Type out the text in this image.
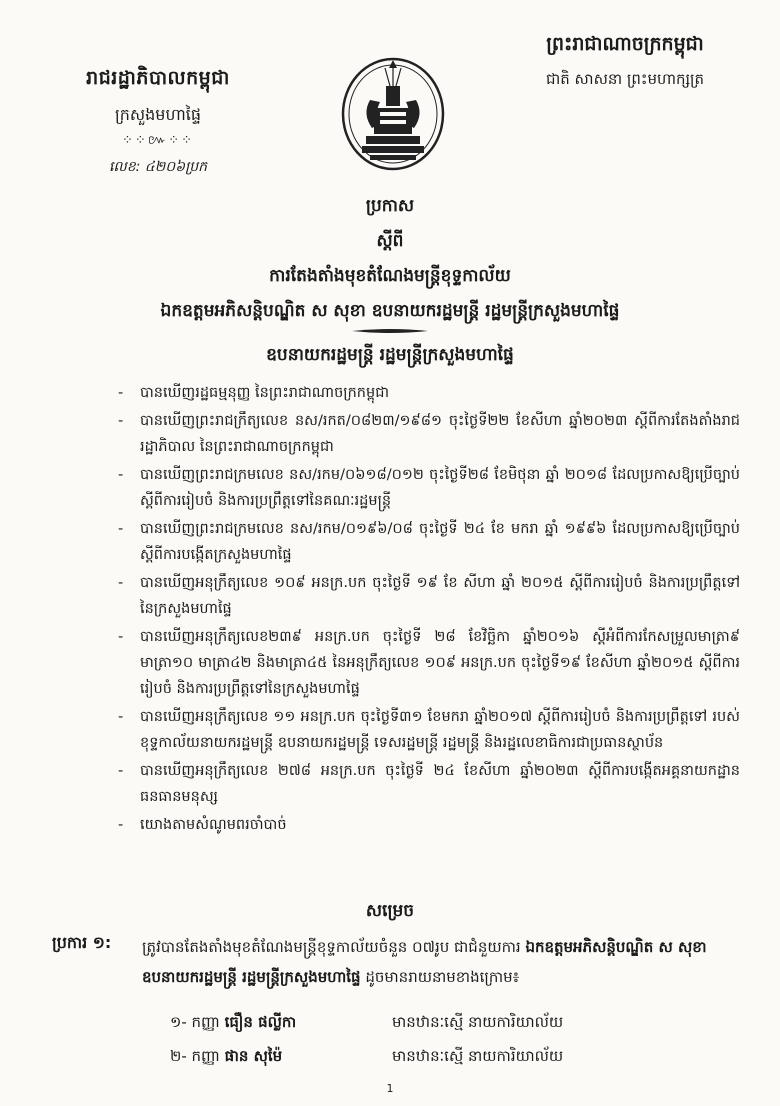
រាជរដ្ឋាភិបាលកម្ពុជា
ក្រសួងមហាផ្ទៃ
⁘⁘៚⁘⁘
លេខ: ៤២០៦ប្រក
ព្រះរាជាណាចក្រកម្ពុជា
ជាតិ សាសនា ព្រះមហាក្សត្រ
ប្រកាស
ស្តីពី
ការតែងតាំងមុខតំណែងមន្ត្រីខុទ្ទកាល័យ
ឯកឧត្តមអភិសន្តិបណ្ឌិត ស សុខា ឧបនាយករដ្ឋមន្ត្រី រដ្ឋមន្ត្រីក្រសួងមហាផ្ទៃ
ឧបនាយករដ្ឋមន្ត្រី រដ្ឋមន្ត្រីក្រសួងមហាផ្ទៃ
- បានឃើញរដ្ឋធម្មនុញ្ញ នៃព្រះរាជាណាចក្រកម្ពុជា
- បានឃើញព្រះរាជក្រឹត្យលេខ នស/រកត/០៨២៣/១៩៨១ ចុះថ្ងៃទី២២ ខែសីហា ឆ្នាំ២០២៣ ស្តីពីការតែងតាំងរាជរដ្ឋាភិបាល នៃព្រះរាជាណាចក្រកម្ពុជា
- បានឃើញព្រះរាជក្រមលេខ នស/រកម/០៦១៨/០១២ ចុះថ្ងៃទី២៨ ខែមិថុនា ឆ្នាំ ២០១៨ ដែលប្រកាសឱ្យប្រើច្បាប់ស្តីពីការរៀបចំ និងការប្រព្រឹត្តទៅនៃគណៈរដ្ឋមន្ត្រី
- បានឃើញព្រះរាជក្រមលេខ នស/រកម/០១៩៦/០៨ ចុះថ្ងៃទី ២៤ ខែ មករា ឆ្នាំ ១៩៩៦ ដែលប្រកាសឱ្យប្រើច្បាប់ស្តីពីការបង្កើតក្រសួងមហាផ្ទៃ
- បានឃើញអនុក្រឹត្យលេខ ១០៩ អនក្រ.បក ចុះថ្ងៃទី ១៩ ខែ សីហា ឆ្នាំ ២០១៥ ស្តីពីការរៀបចំ និងការប្រព្រឹត្តទៅនៃក្រសួងមហាផ្ទៃ
- បានឃើញអនុក្រឹត្យលេខ២៣៩ អនក្រ.បក ចុះថ្ងៃទី ២៨ ខែវិច្ឆិកា ឆ្នាំ២០១៦ ស្តីអំពីការកែសម្រួលមាត្រា៩ មាត្រា១០ មាត្រា៤២ និងមាត្រា៤៥ នៃអនុក្រឹត្យលេខ ១០៩ អនក្រ.បក ចុះថ្ងៃទី១៩ ខែសីហា ឆ្នាំ២០១៥ ស្តីពីការរៀបចំ និងការប្រព្រឹត្តទៅនៃក្រសួងមហាផ្ទៃ
- បានឃើញអនុក្រឹត្យលេខ ១១ អនក្រ.បក ចុះថ្ងៃទី៣១ ខែមករា ឆ្នាំ២០១៧ ស្តីពីការរៀបចំ និងការប្រព្រឹត្តទៅ របស់ខុទ្ទកាល័យនាយករដ្ឋមន្ត្រី ឧបនាយករដ្ឋមន្ត្រី ទេសរដ្ឋមន្ត្រី រដ្ឋមន្ត្រី និងរដ្ឋលេខាធិការជាប្រធានស្ថាប័ន
- បានឃើញអនុក្រឹត្យលេខ ២៧៨ អនក្រ.បក ចុះថ្ងៃទី ២៤ ខែសីហា ឆ្នាំ២០២៣ ស្តីពីការបង្កើតអគ្គនាយកដ្ឋានធនធានមនុស្ស
- យោងតាមសំណូមពរចាំបាច់
សម្រេច
ប្រការ ១: ត្រូវបានតែងតាំងមុខតំណែងមន្ត្រីខុទ្ទកាល័យចំនួន ០៧រូប ជាជំនួយការ ឯកឧត្តមអភិសន្តិបណ្ឌិត ស សុខា ឧបនាយករដ្ឋមន្ត្រី រដ្ឋមន្ត្រីក្រសួងមហាផ្ទៃ ដូចមានរាយនាមខាងក្រោម៖
១- កញ្ញា ធឿន ផល្លីកា	មានឋានៈស្មើ នាយការិយាល័យ
២- កញ្ញា ផាន សុម៉ៃ	មានឋានៈស្មើ នាយការិយាល័យ
1
